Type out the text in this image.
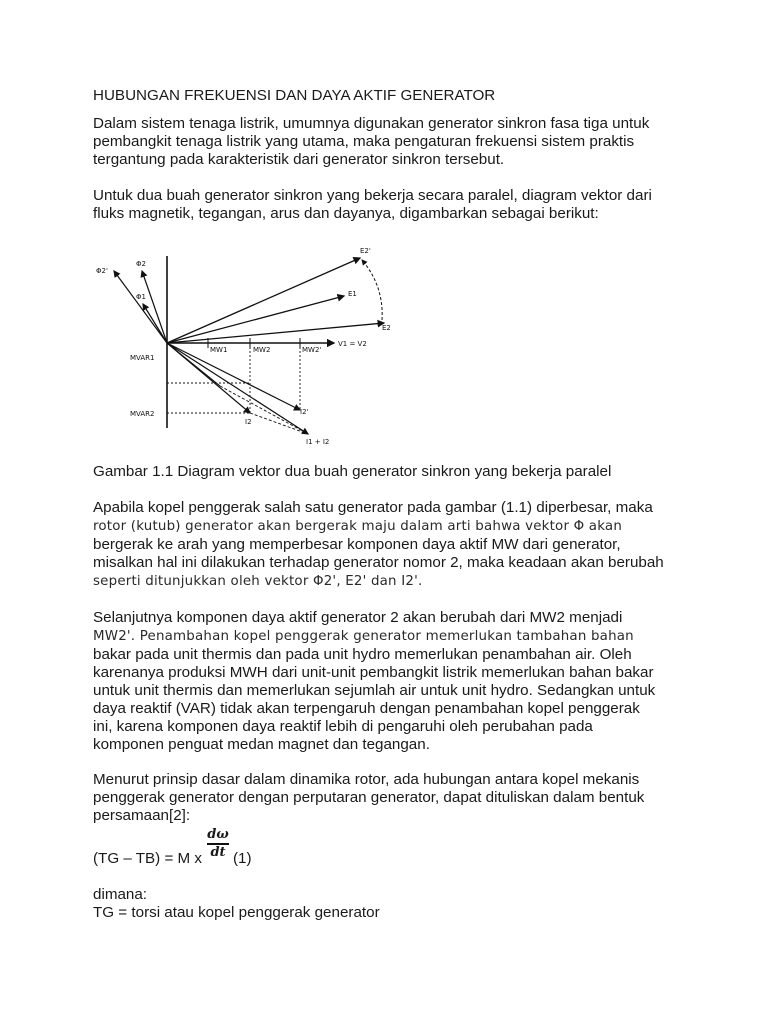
HUBUNGAN FREKUENSI DAN DAYA AKTIF GENERATOR
Dalam sistem tenaga listrik, umumnya digunakan generator sinkron fasa tiga untuk
pembangkit tenaga listrik yang utama, maka pengaturan frekuensi sistem praktis
tergantung pada karakteristik dari generator sinkron tersebut.
Untuk dua buah generator sinkron yang bekerja secara paralel, diagram vektor dari
fluks magnetik, tegangan, arus dan dayanya, digambarkan sebagai berikut:
Φ2'
Φ2
Φ1
E2'
E1
E2
MW1	MW2	MW2'
V1 = V2
MVAR1
MVAR2	I2'
I2
I1 + I2
Gambar 1.1 Diagram vektor dua buah generator sinkron yang bekerja paralel
Apabila kopel penggerak salah satu generator pada gambar (1.1) diperbesar, maka
rotor (kutub) generator akan bergerak maju dalam arti bahwa vektor Φ akan
bergerak ke arah yang memperbesar komponen daya aktif MW dari generator,
misalkan hal ini dilakukan terhadap generator nomor 2, maka keadaan akan berubah
seperti ditunjukkan oleh vektor Φ2', E2' dan I2'.
Selanjutnya komponen daya aktif generator 2 akan berubah dari MW2 menjadi
MW2'. Penambahan kopel penggerak generator memerlukan tambahan bahan
bakar pada unit thermis dan pada unit hydro memerlukan penambahan air. Oleh
karenanya produksi MWH dari unit-unit pembangkit listrik memerlukan bahan bakar
untuk unit thermis dan memerlukan sejumlah air untuk unit hydro. Sedangkan untuk
daya reaktif (VAR) tidak akan terpengaruh dengan penambahan kopel penggerak
ini, karena komponen daya reaktif lebih di pengaruhi oleh perubahan pada
komponen penguat medan magnet dan tegangan.
Menurut prinsip dasar dalam dinamika rotor, ada hubungan antara kopel mekanis
penggerak generator dengan perputaran generator, dapat dituliskan dalam bentuk
persamaan[2]:
(TG – TB) = M x
dω
dt (1)
dimana:
TG = torsi atau kopel penggerak generator
